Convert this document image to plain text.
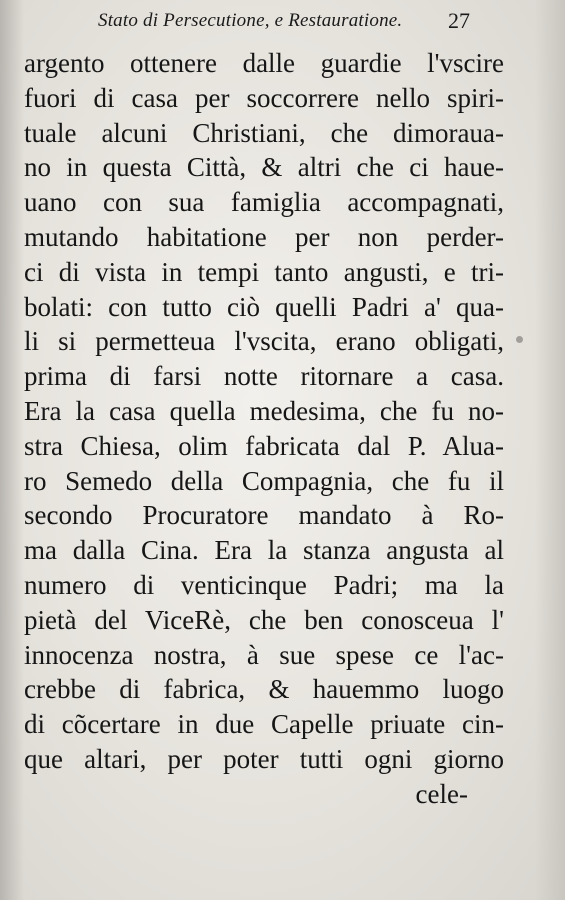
Stato di Persecutione, e Restauratione. 27
argento ottenere dalle guardie l'vscire
fuori di casa per soccorrere nello spiri-
tuale alcuni Christiani, che dimorauа-
no in questa Città, & altri che ci haue-
uano con sua famiglia accompagnati,
mutando habitatione per non perder-
ci di vista in tempi tanto angusti, e tri-
bolati: con tutto ciò quelli Padri a' qua-
li si permetteua l'vscita, erano obligati,
prima di farsi notte ritornare a casa.
Era la casa quella medesima, che fu no-
stra Chiesa, olim fabricata dal P. Aluа-
ro Semedo della Compagnia, che fu il
secondo Procuratore mandato à Ro-
ma dalla Cina. Era la stanza angusta al
numero di venticinque Padri; ma la
pietà del ViceRè, che ben conosceua l'
innocenza nostra, à sue spese ce l'ac-
crebbe di fabrica, & hauemmo luogo
di cõcertare in due Capelle priuate cin-
que altari, per poter tutti ogni giorno
cele-
